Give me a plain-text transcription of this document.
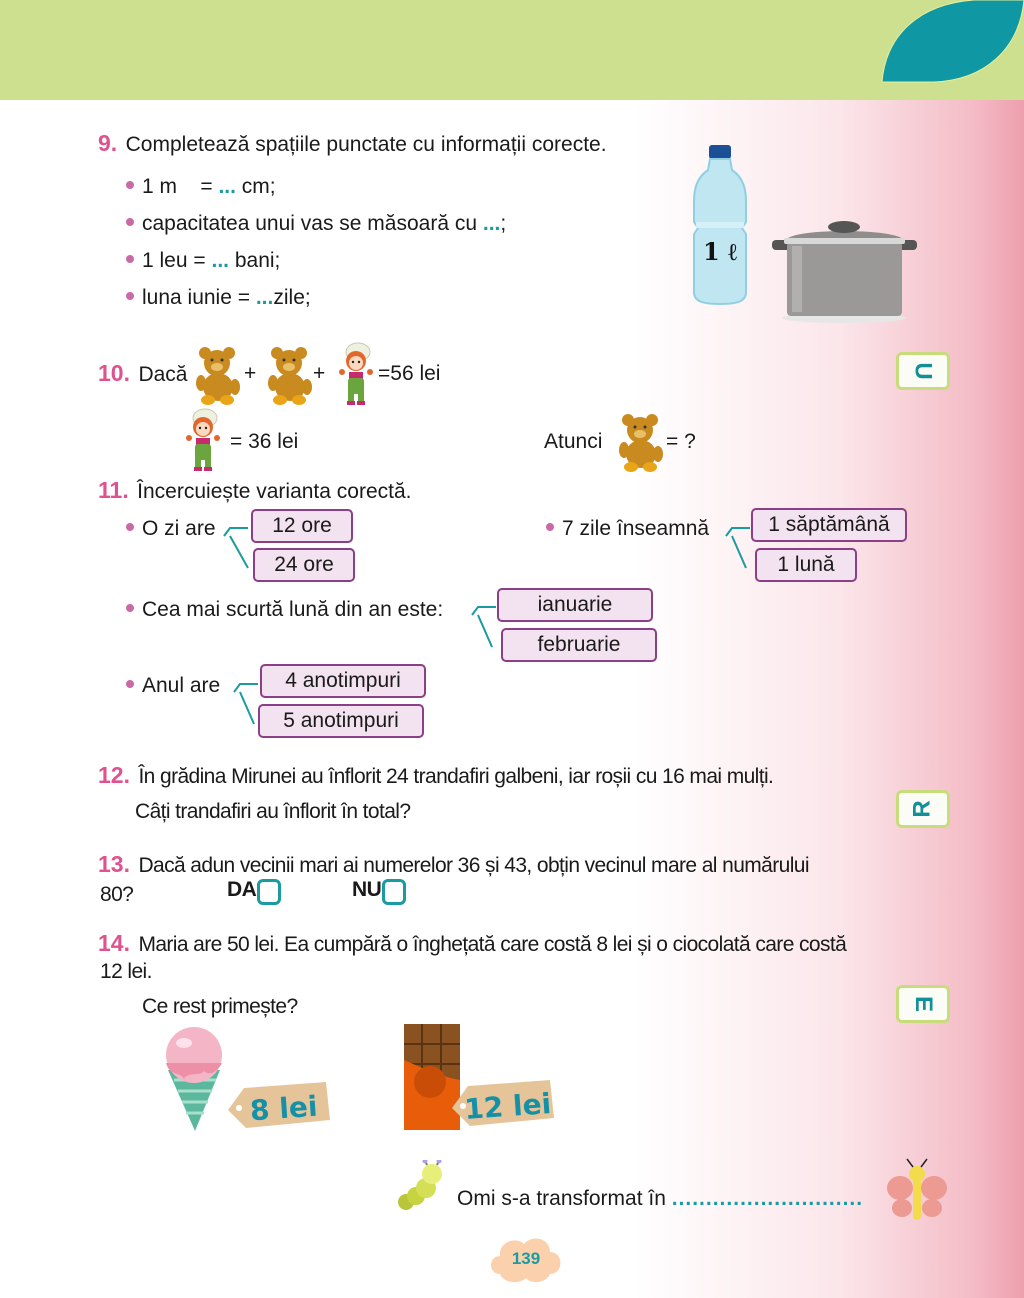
9. Completează spațiile punctate cu informații corecte.
1 m    = ... cm;
capacitatea unui vas se măsoară cu ...;
1 leu = ... bani;
luna iunie = ...zile;
1 ℓ
10. Dacă	+	+	=56 lei
= 36 lei	Atunci	= ?
U
11. Încercuiește varianta corectă.
O zi are	12 ore
24 ore
7 zile înseamnă	1 săptămână
1 lună
Cea mai scurtă lună din an este:	ianuarie
februarie
Anul are	4 anotimpuri
5 anotimpuri
12. În grădina Mirunei au înflorit 24 trandafiri galbeni, iar roșii cu 16 mai mulți.
Câți trandafiri au înflorit în total?	R
13. Dacă adun vecinii mari ai numerelor 36 și 43, obțin vecinul mare al numărului
80?	DA	NU
14. Maria are 50 lei. Ea cumpără o înghețată care costă 8 lei și o ciocolată care costă
12 lei.
Ce rest primește?	E
8 lei	12 lei
Omi s-a transformat în ............................
139
